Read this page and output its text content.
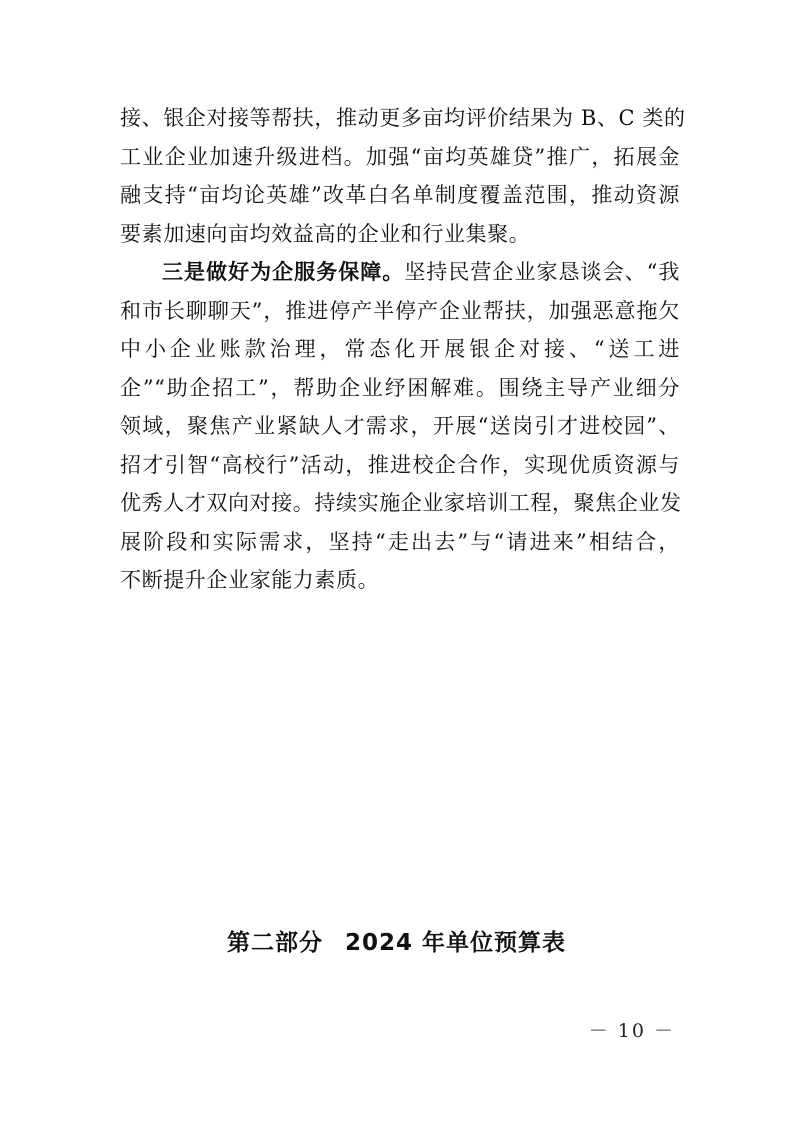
接、银企对接等帮扶，推动更多亩均评价结果为 B、C 类的
工业企业加速升级进档。加强“亩均英雄贷”推广，拓展金
融支持“亩均论英雄”改革白名单制度覆盖范围，推动资源
要素加速向亩均效益高的企业和行业集聚。
三是做好为企服务保障。坚持民营企业家恳谈会、“我
和市长聊聊天”，推进停产半停产企业帮扶，加强恶意拖欠
中小企业账款治理，常态化开展银企对接、“送工进
企”“助企招工”，帮助企业纾困解难。围绕主导产业细分
领域，聚焦产业紧缺人才需求，开展“送岗引才进校园”、
招才引智“高校行”活动，推进校企合作，实现优质资源与
优秀人才双向对接。持续实施企业家培训工程，聚焦企业发
展阶段和实际需求，坚持“走出去”与“请进来”相结合，
不断提升企业家能力素质。
第二部分 2024 年单位预算表
－ 10 －
